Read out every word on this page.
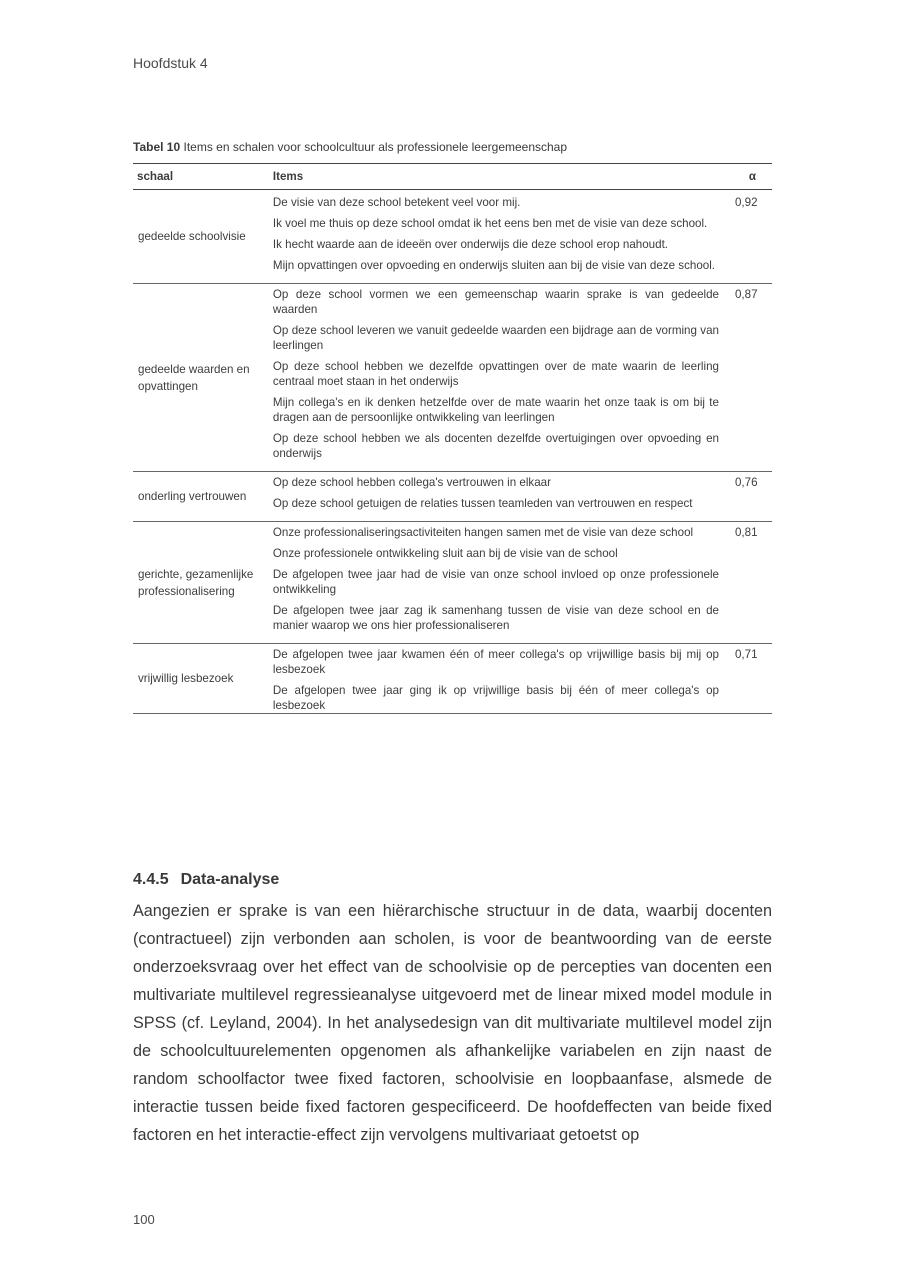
Hoofdstuk 4
Tabel 10 Items en schalen voor schoolcultuur als professionele leergemeenschap
schaal	Items	α

gedeelde schoolvisie	De visie van deze school betekent veel voor mij.	0,92

	Ik voel me thuis op deze school omdat ik het eens ben met de visie van deze school.	

	Ik hecht waarde aan de ideeën over onderwijs die deze school erop nahoudt.	

	Mijn opvattingen over opvoeding en onderwijs sluiten aan bij de visie van deze school.	

gedeelde waarden en opvattingen	Op deze school vormen we een gemeenschap waarin sprake is van gedeelde waarden	0,87

	Op deze school leveren we vanuit gedeelde waarden een bijdrage aan de vorming van leerlingen	

	Op deze school hebben we dezelfde opvattingen over de mate waarin de leerling centraal moet staan in het onderwijs	

	Mijn collega's en ik denken hetzelfde over de mate waarin het onze taak is om bij te dragen aan de persoonlijke ontwikkeling van leerlingen	

	Op deze school hebben we als docenten dezelfde overtuigingen over opvoeding en onderwijs	

onderling vertrouwen	Op deze school hebben collega's vertrouwen in elkaar	0,76

	Op deze school getuigen de relaties tussen teamleden van vertrouwen en respect	

gerichte, gezamenlijke professionalisering	Onze professionaliseringsactiviteiten hangen samen met de visie van deze school	0,81

	Onze professionele ontwikkeling sluit aan bij de visie van de school	

	De afgelopen twee jaar had de visie van onze school invloed op onze professionele ontwikkeling	

	De afgelopen twee jaar zag ik samenhang tussen de visie van deze school en de manier waarop we ons hier professionaliseren	

vrijwillig lesbezoek	De afgelopen twee jaar kwamen één of meer collega's op vrijwillige basis bij mij op lesbezoek	0,71

	De afgelopen twee jaar ging ik op vrijwillige basis bij één of meer collega's op lesbezoek	
4.4.5 Data-analyse

Aangezien er sprake is van een hiërarchische structuur in de data, waarbij docenten (contractueel) zijn verbonden aan scholen, is voor de beantwoording van de eerste onderzoeksvraag over het effect van de schoolvisie op de percepties van docenten een multivariate multilevel regressieanalyse uitgevoerd met de linear mixed model module in SPSS (cf. Leyland, 2004). In het analysedesign van dit multivariate multilevel model zijn de schoolcultuurelementen opgenomen als afhankelijke variabelen en zijn naast de random schoolfactor twee fixed factoren, schoolvisie en loopbaanfase, alsmede de interactie tussen beide fixed factoren gespecificeerd. De hoofdeffecten van beide fixed factoren en het interactie-effect zijn vervolgens multivariaat getoetst op

100
